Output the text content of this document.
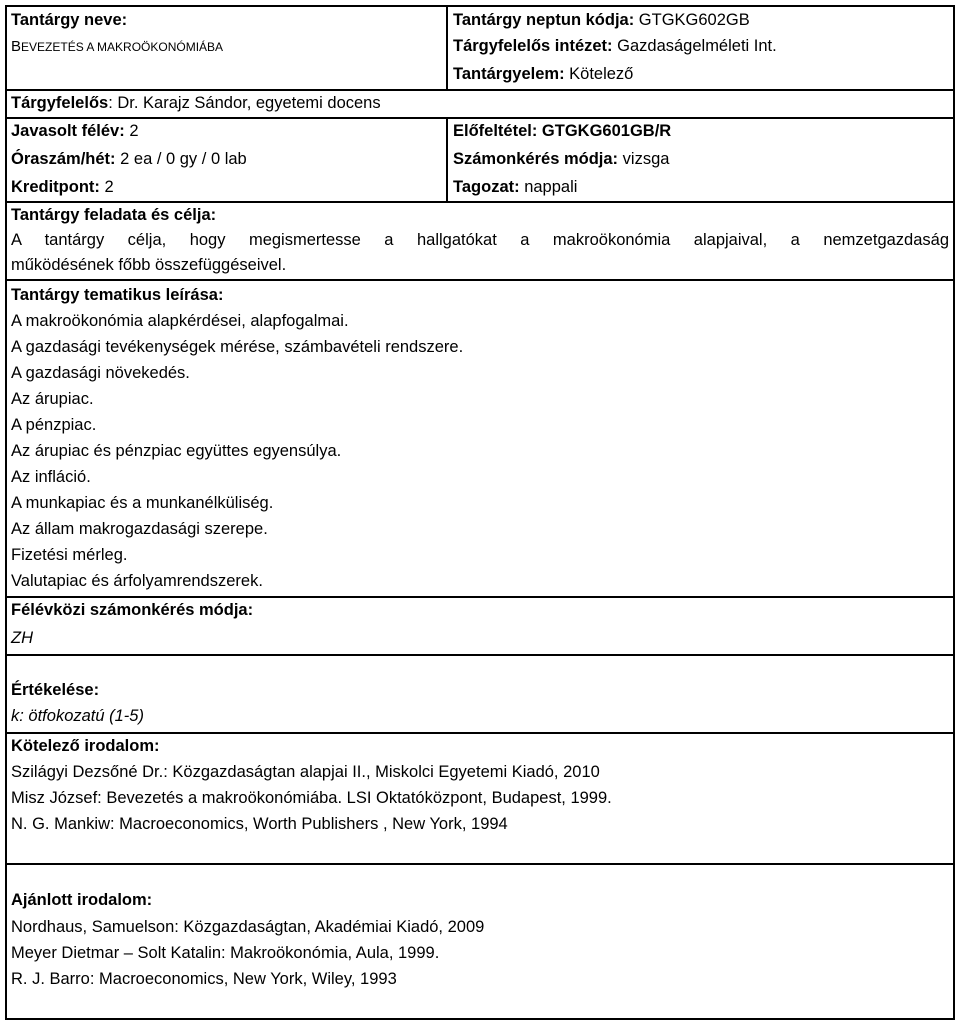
Tantárgy neve:
BEVEZETÉS A MAKROÖKONÓMIÁBA
Tantárgy neptun kódja: GTGKG602GB
Tárgyfelelős intézet: Gazdaságelméleti Int.
Tantárgyelem: Kötelező
Tárgyfelelős: Dr. Karajz Sándor, egyetemi docens
Javasolt félév: 2
Óraszám/hét: 2 ea / 0 gy / 0 lab
Kreditpont: 2
Előfeltétel: GTGKG601GB/R
Számonkérés módja: vizsga
Tagozat: nappali
Tantárgy feladata és célja:
A tantárgy célja, hogy megismertesse a hallgatókat a makroökonómia alapjaival, a nemzetgazdaság
működésének főbb összefüggéseivel.
Tantárgy tematikus leírása:
A makroökonómia alapkérdései, alapfogalmai.
A gazdasági tevékenységek mérése, számbavételi rendszere.
A gazdasági növekedés.
Az árupiac.
A pénzpiac.
Az árupiac és pénzpiac együttes egyensúlya.
Az infláció.
A munkapiac és a munkanélküliség.
Az állam makrogazdasági szerepe.
Fizetési mérleg.
Valutapiac és árfolyamrendszerek.
Félévközi számonkérés módja:
ZH
Értékelése:
k: ötfokozatú (1-5)
Kötelező irodalom:
Szilágyi Dezsőné Dr.: Közgazdaságtan alapjai II., Miskolci Egyetemi Kiadó, 2010
Misz József: Bevezetés a makroökonómiába. LSI Oktatóközpont, Budapest, 1999.
N. G. Mankiw: Macroeconomics, Worth Publishers , New York, 1994
Ajánlott irodalom:
Nordhaus, Samuelson: Közgazdaságtan, Akadémiai Kiadó, 2009
Meyer Dietmar – Solt Katalin: Makroökonómia, Aula, 1999.
R. J. Barro: Macroeconomics, New York, Wiley, 1993
